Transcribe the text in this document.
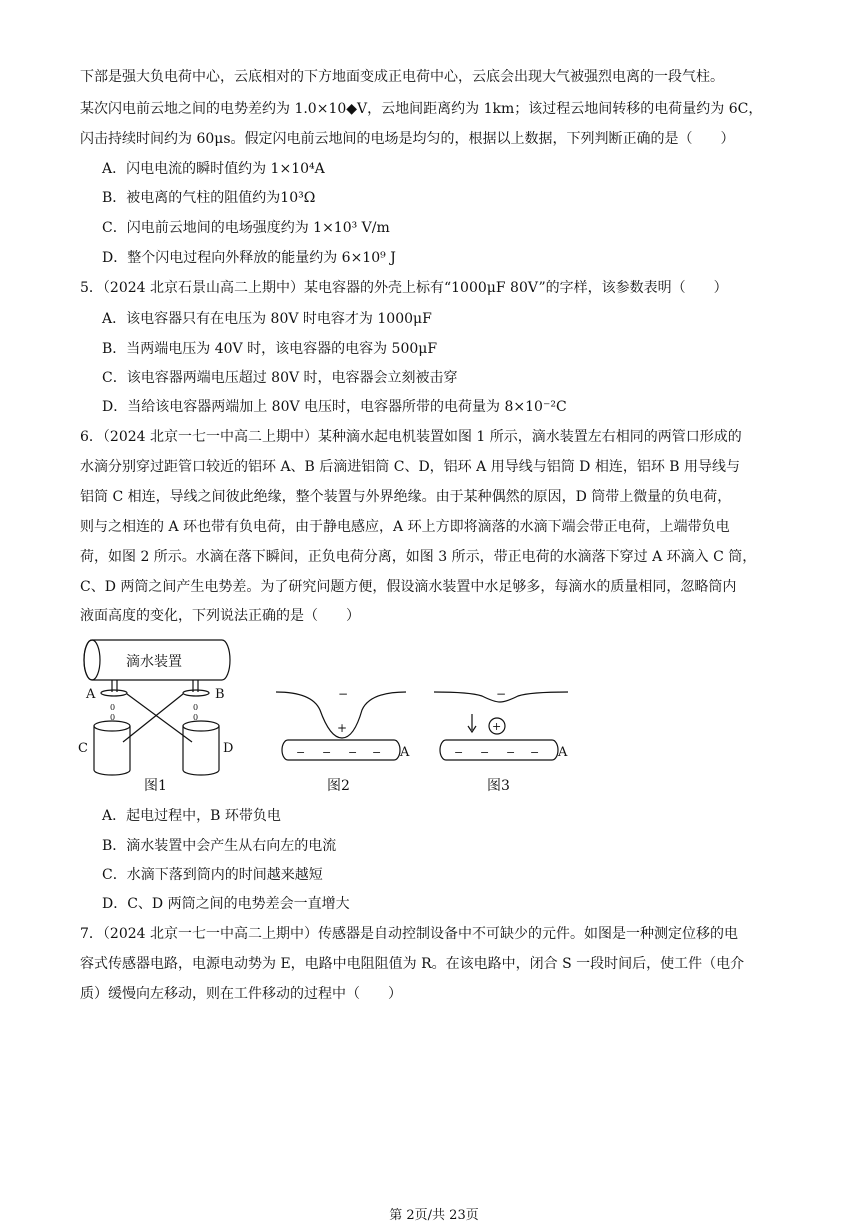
下部是强大负电荷中心，云底相对的下方地面变成正电荷中心，云底会出现大气被强烈电离的一段气柱。
某次闪电前云地之间的电势差约为 1.0×10◆V，云地间距离约为 1km；该过程云地间转移的电荷量约为 6C，
闪击持续时间约为 60μs。假定闪电前云地间的电场是均匀的，根据以上数据，下列判断正确的是（　　）
A．闪电电流的瞬时值约为 1×10⁴A
B．被电离的气柱的阻值约为10³Ω
C．闪电前云地间的电场强度约为 1×10³ V/m
D．整个闪电过程向外释放的能量约为 6×10⁹ J
5．（2024 北京石景山高二上期中）某电容器的外壳上标有“1000μF 80V”的字样，该参数表明（　　）
A．该电容器只有在电压为 80V 时电容才为 1000μF
B．当两端电压为 40V 时，该电容器的电容为 500μF
C．该电容器两端电压超过 80V 时，电容器会立刻被击穿
D．当给该电容器两端加上 80V 电压时，电容器所带的电荷量为 8×10⁻²C
6．（2024 北京一七一中高二上期中）某种滴水起电机装置如图 1 所示，滴水装置左右相同的两管口形成的
水滴分别穿过距管口较近的铝环 A、B 后滴进铝筒 C、D，铝环 A 用导线与铝筒 D 相连，铝环 B 用导线与
铝筒 C 相连，导线之间彼此绝缘，整个装置与外界绝缘。由于某种偶然的原因，D 筒带上微量的负电荷，
则与之相连的 A 环也带有负电荷，由于静电感应，A 环上方即将滴落的水滴下端会带正电荷，上端带负电
荷，如图 2 所示。水滴在落下瞬间，正负电荷分离，如图 3 所示，带正电荷的水滴落下穿过 A 环滴入 C 筒，
C、D 两筒之间产生电势差。为了研究问题方便，假设滴水装置中水足够多，每滴水的质量相同，忽略筒内
液面高度的变化，下列说法正确的是（　　）
滴水装置
A	B
0
0
0
0
C	D
−
+
− − − − A
−
+
− − − − A
图1	图2	图3
A．起电过程中，B 环带负电
B．滴水装置中会产生从右向左的电流
C．水滴下落到筒内的时间越来越短
D．C、D 两筒之间的电势差会一直增大
7．（2024 北京一七一中高二上期中）传感器是自动控制设备中不可缺少的元件。如图是一种测定位移的电
容式传感器电路，电源电动势为 E，电路中电阻阻值为 R。在该电路中，闭合 S 一段时间后，使工件（电介
质）缓慢向左移动，则在工件移动的过程中（　　）
第 2页/共 23页
